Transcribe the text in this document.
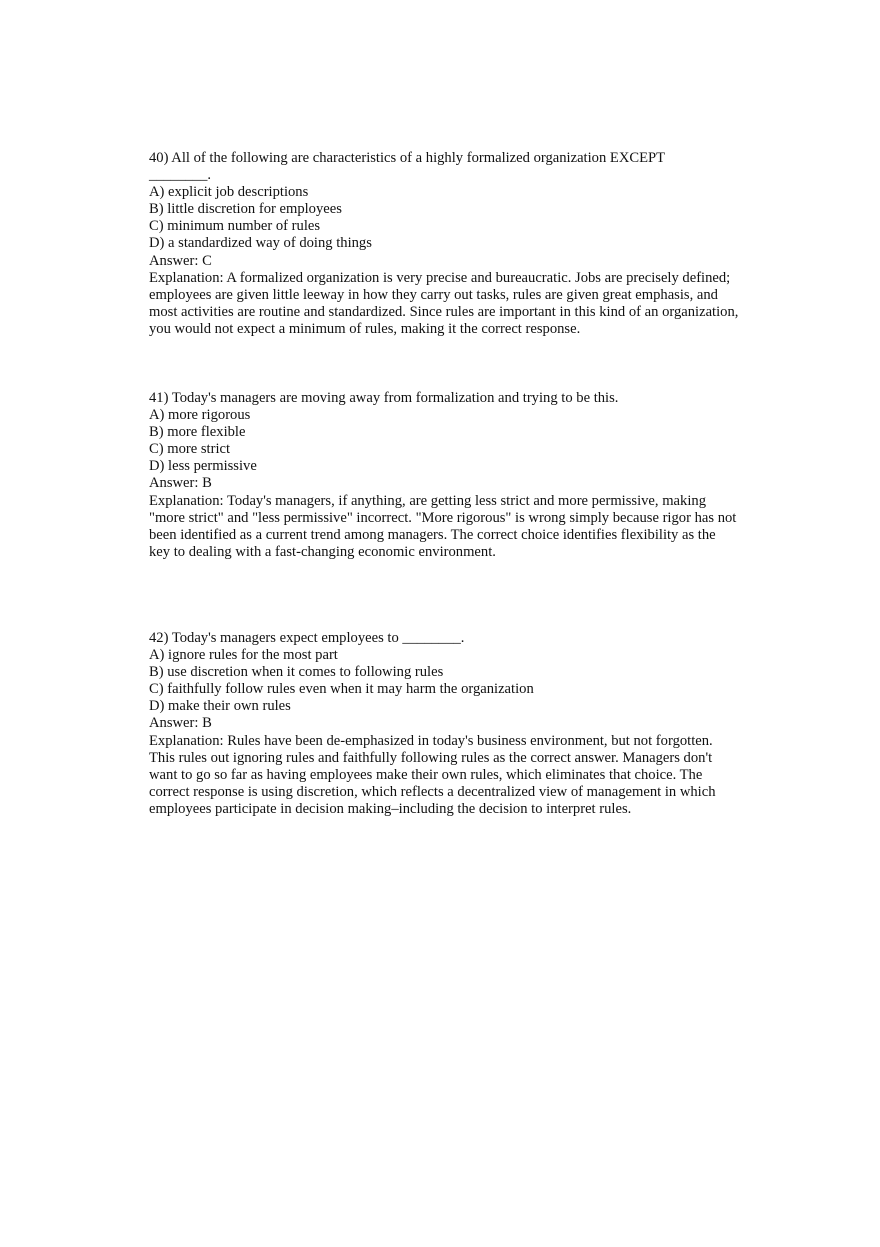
40) All of the following are characteristics of a highly formalized organization EXCEPT
________.
A) explicit job descriptions
B) little discretion for employees
C) minimum number of rules
D) a standardized way of doing things
Answer: C
Explanation: A formalized organization is very precise and bureaucratic. Jobs are precisely defined; employees are given little leeway in how they carry out tasks, rules are given great emphasis, and most activities are routine and standardized. Since rules are important in this kind of an organization, you would not expect a minimum of rules, making it the correct response.
41) Today's managers are moving away from formalization and trying to be this.
A) more rigorous
B) more flexible
C) more strict
D) less permissive
Answer: B
Explanation: Today's managers, if anything, are getting less strict and more permissive, making "more strict" and "less permissive" incorrect. "More rigorous" is wrong simply because rigor has not been identified as a current trend among managers. The correct choice identifies flexibility as the key to dealing with a fast-changing economic environment.
42) Today's managers expect employees to ________.
A) ignore rules for the most part
B) use discretion when it comes to following rules
C) faithfully follow rules even when it may harm the organization
D) make their own rules
Answer: B
Explanation: Rules have been de-emphasized in today's business environment, but not forgotten. This rules out ignoring rules and faithfully following rules as the correct answer. Managers don't want to go so far as having employees make their own rules, which eliminates that choice. The correct response is using discretion, which reflects a decentralized view of management in which employees participate in decision making–including the decision to interpret rules.
